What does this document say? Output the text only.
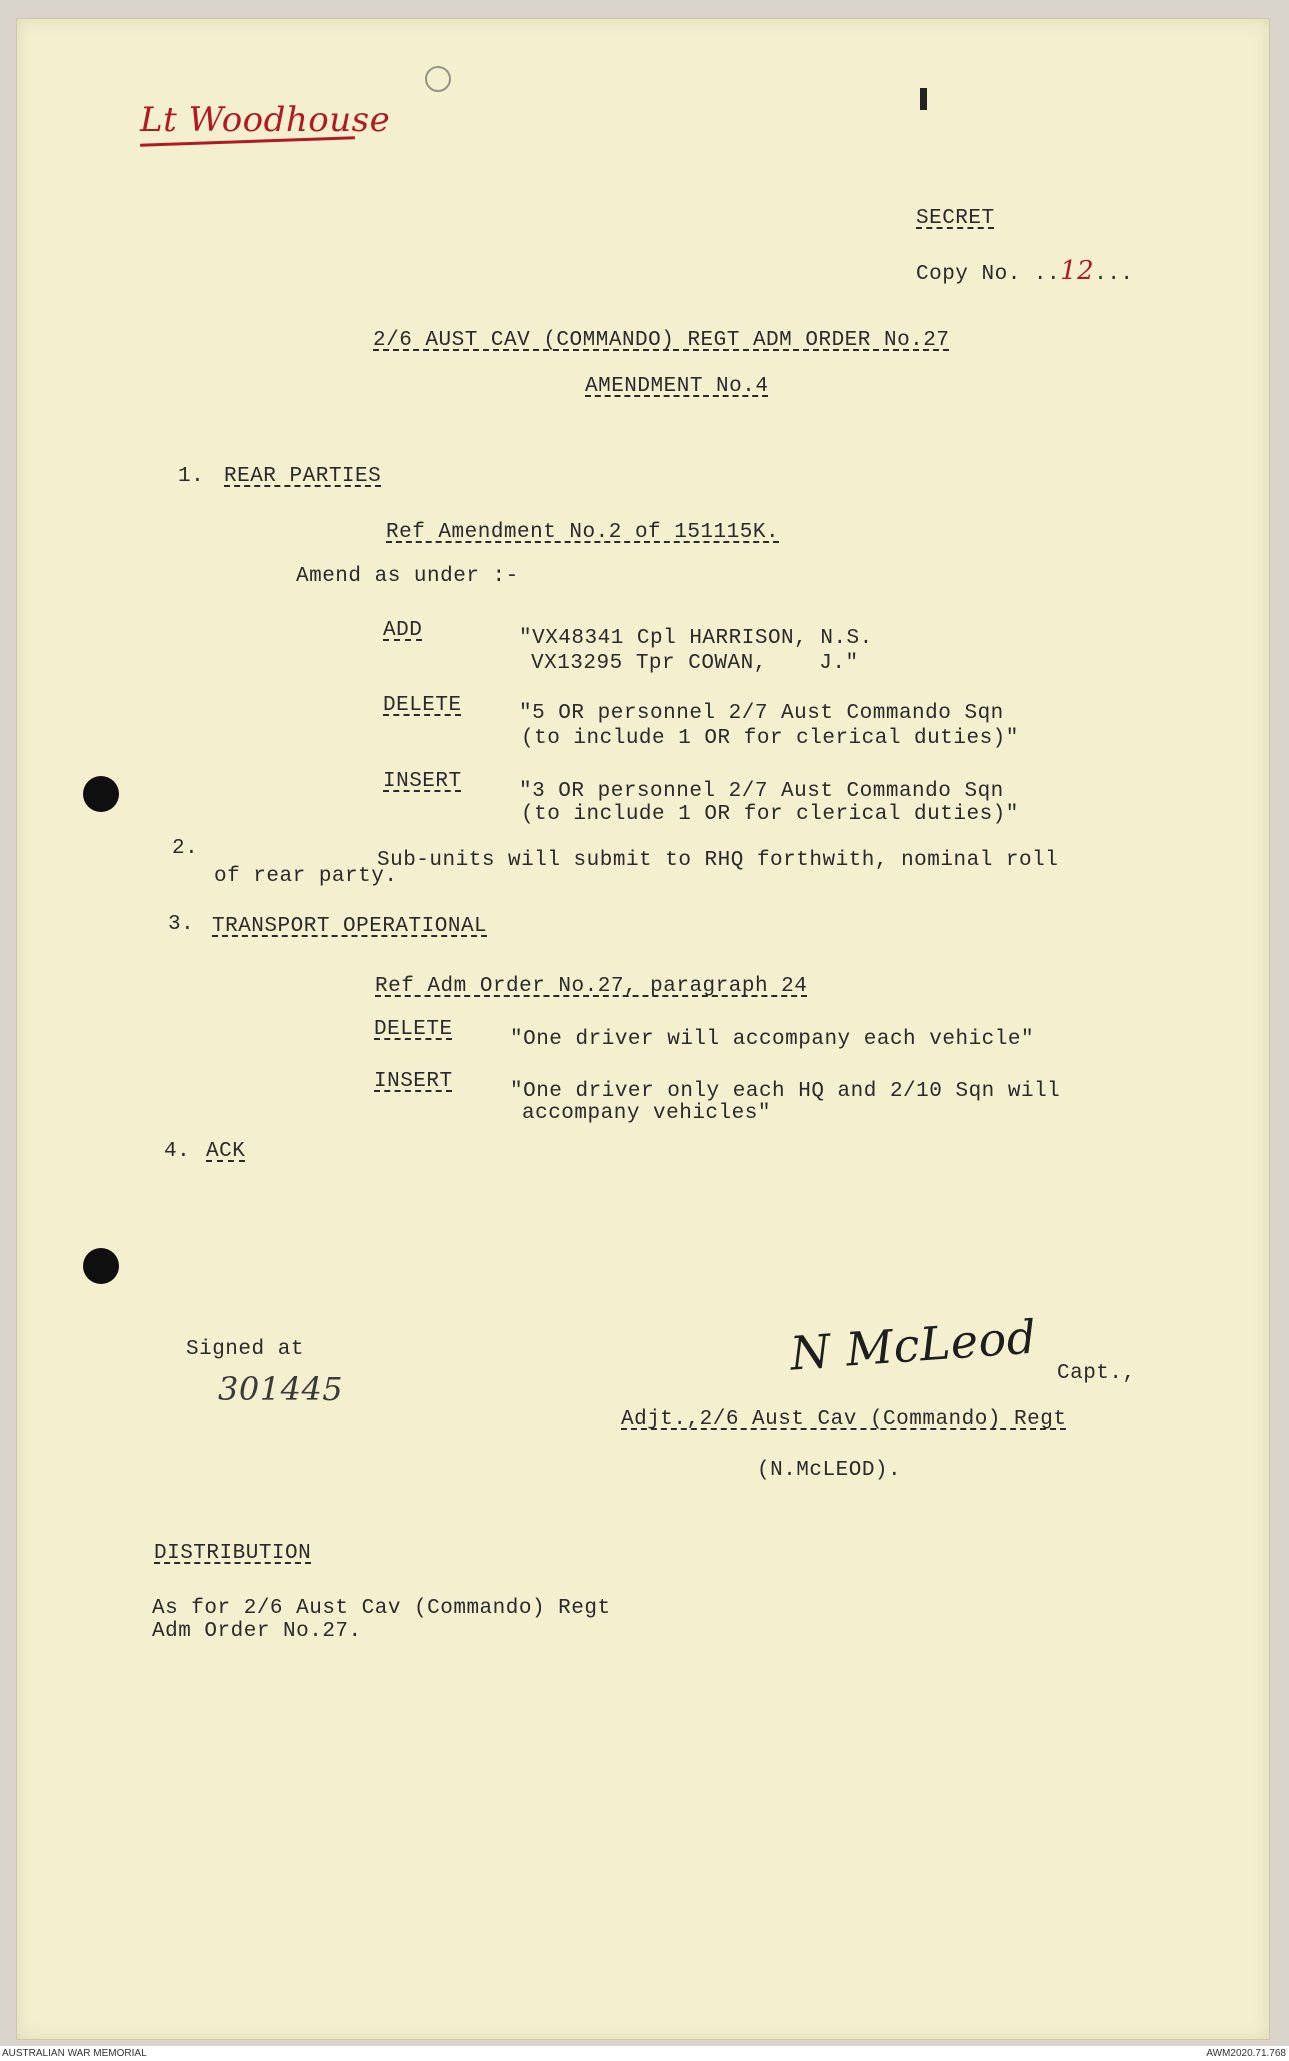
Lt Woodhouse
SECRET
Copy No. ..12...
2/6 AUST CAV (COMMANDO) REGT ADM ORDER No.27
AMENDMENT No.4
1. REAR PARTIES
Ref Amendment No.2 of 151115K.
Amend as under :-
ADD	"VX48341 Cpl HARRISON, N.S.
VX13295 Tpr COWAN,    J."
DELETE	"5 OR personnel 2/7 Aust Commando Sqn
(to include 1 OR for clerical duties)"
INSERT	"3 OR personnel 2/7 Aust Commando Sqn
(to include 1 OR for clerical duties)"
2.
Sub-units will submit to RHQ forthwith, nominal roll
of rear party.
3. TRANSPORT OPERATIONAL
Ref Adm Order No.27, paragraph 24
DELETE	"One driver will accompany each vehicle"
INSERT	"One driver only each HQ and 2/10 Sqn will
accompany vehicles"
4. ACK
Signed at
301445
N McLeod Capt.,
Adjt.,2/6 Aust Cav (Commando) Regt
(N.McLEOD).
DISTRIBUTION
As for 2/6 Aust Cav (Commando) Regt
Adm Order No.27.
AUSTRALIAN WAR MEMORIAL	AWM2020.71.768
